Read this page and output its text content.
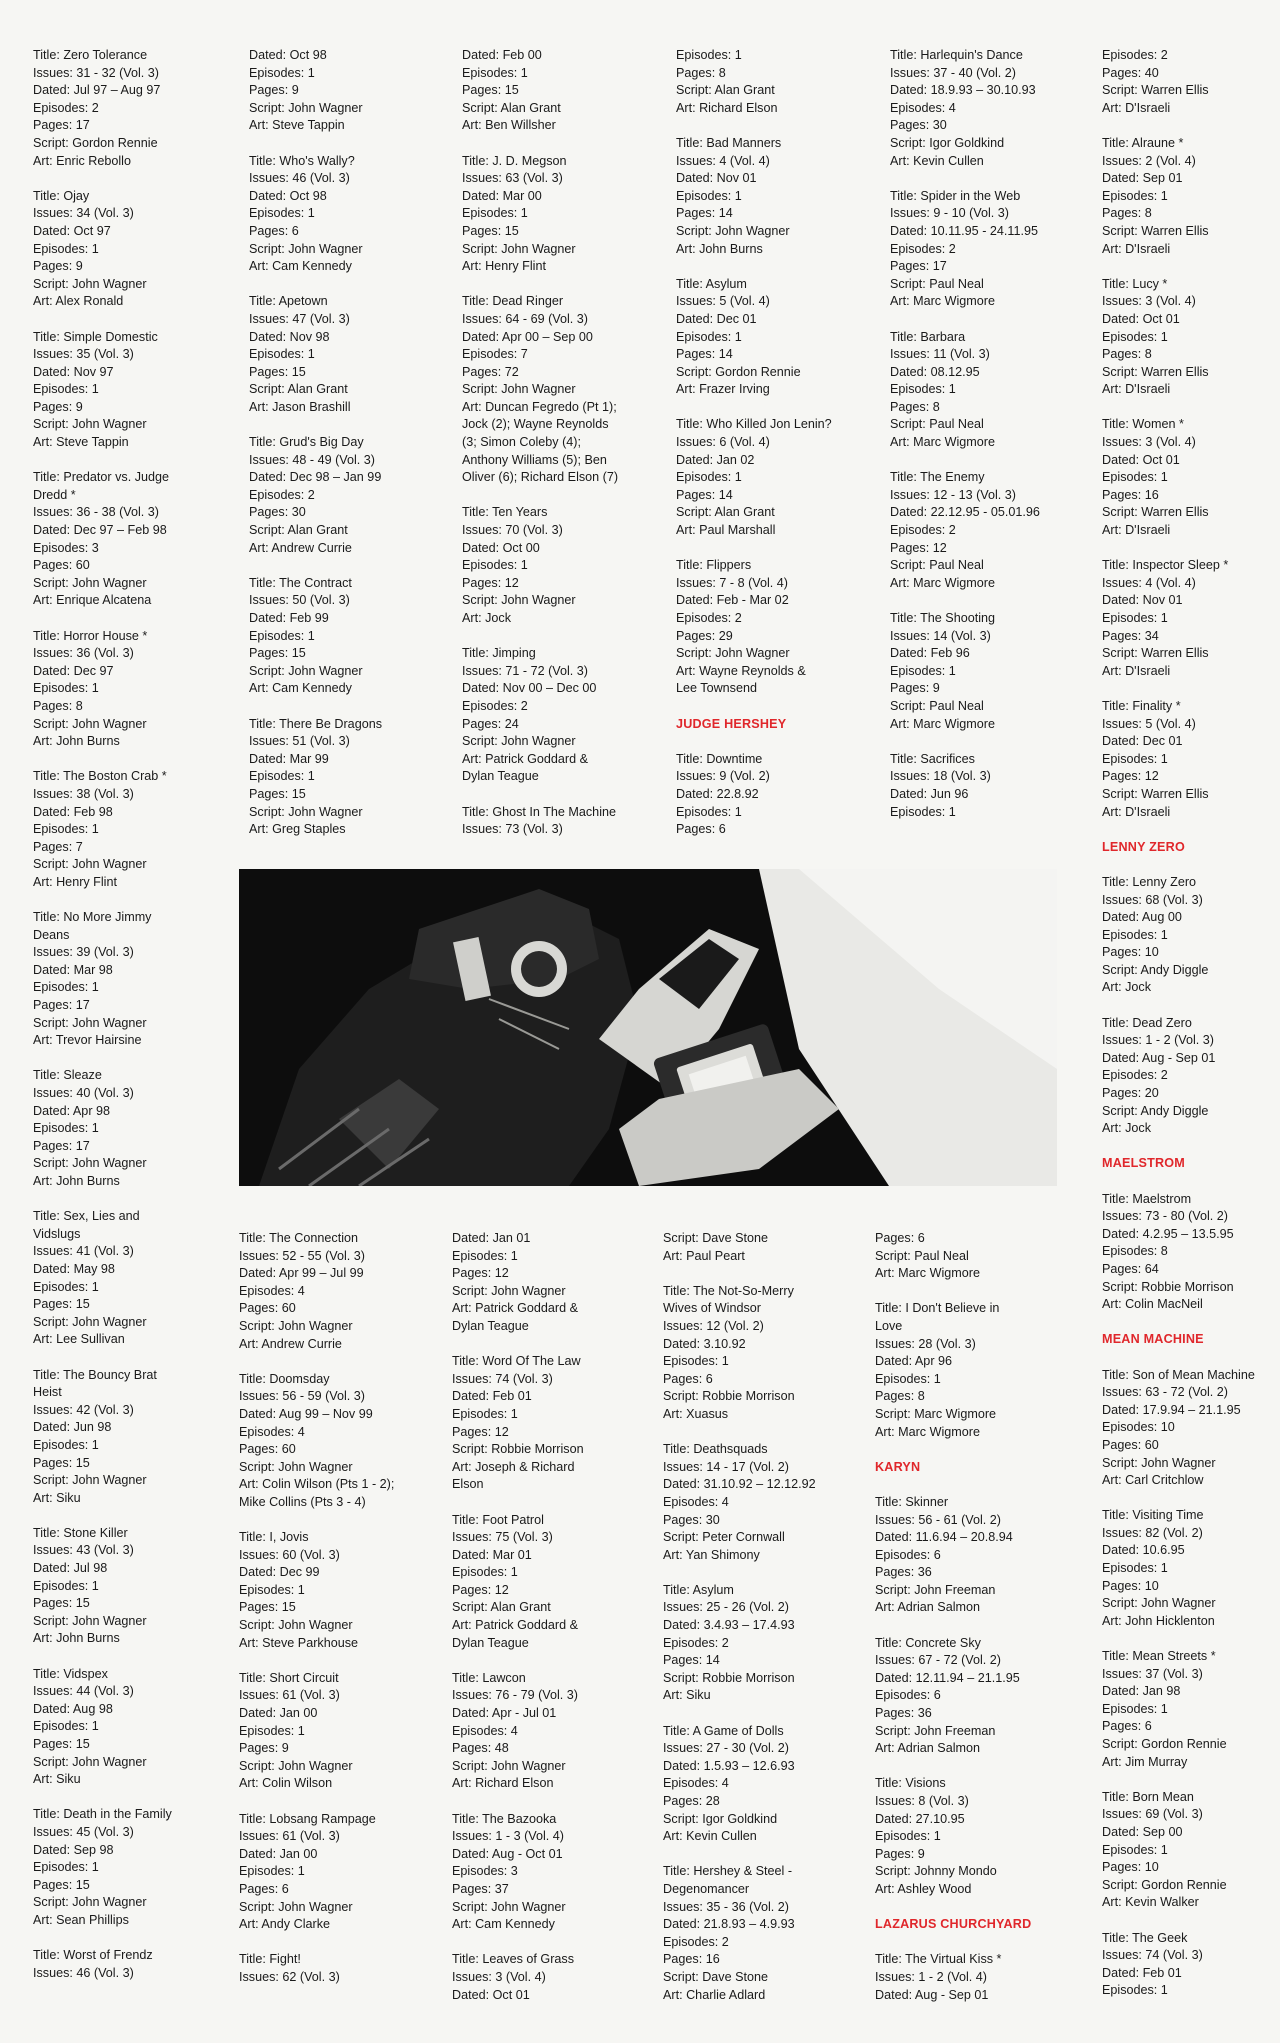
Title: Zero Tolerance
Issues: 31 - 32 (Vol. 3)
Dated: Jul 97 – Aug 97
Episodes: 2
Pages: 17
Script: Gordon Rennie
Art: Enric Rebollo
Title: Ojay
Issues: 34 (Vol. 3)
Dated: Oct 97
Episodes: 1
Pages: 9
Script: John Wagner
Art: Alex Ronald
Title: Simple Domestic
Issues: 35 (Vol. 3)
Dated: Nov 97
Episodes: 1
Pages: 9
Script: John Wagner
Art: Steve Tappin
Title: Predator vs. Judge
Dredd *
Issues: 36 - 38 (Vol. 3)
Dated: Dec 97 – Feb 98
Episodes: 3
Pages: 60
Script: John Wagner
Art: Enrique Alcatena
Title: Horror House *
Issues: 36 (Vol. 3)
Dated: Dec 97
Episodes: 1
Pages: 8
Script: John Wagner
Art: John Burns
Title: The Boston Crab *
Issues: 38 (Vol. 3)
Dated: Feb 98
Episodes: 1
Pages: 7
Script: John Wagner
Art: Henry Flint
Title: No More Jimmy
Deans
Issues: 39 (Vol. 3)
Dated: Mar 98
Episodes: 1
Pages: 17
Script: John Wagner
Art: Trevor Hairsine
Title: Sleaze
Issues: 40 (Vol. 3)
Dated: Apr 98
Episodes: 1
Pages: 17
Script: John Wagner
Art: John Burns
Title: Sex, Lies and
Vidslugs
Issues: 41 (Vol. 3)
Dated: May 98
Episodes: 1
Pages: 15
Script: John Wagner
Art: Lee Sullivan
Title: The Bouncy Brat
Heist
Issues: 42 (Vol. 3)
Dated: Jun 98
Episodes: 1
Pages: 15
Script: John Wagner
Art: Siku
Title: Stone Killer
Issues: 43 (Vol. 3)
Dated: Jul 98
Episodes: 1
Pages: 15
Script: John Wagner
Art: John Burns
Title: Vidspex
Issues: 44 (Vol. 3)
Dated: Aug 98
Episodes: 1
Pages: 15
Script: John Wagner
Art: Siku
Title: Death in the Family
Issues: 45 (Vol. 3)
Dated: Sep 98
Episodes: 1
Pages: 15
Script: John Wagner
Art: Sean Phillips
Title: Worst of Frendz
Issues: 46 (Vol. 3)
Dated: Oct 98
Episodes: 1
Pages: 9
Script: John Wagner
Art: Steve Tappin
Title: Who's Wally?
Issues: 46 (Vol. 3)
Dated: Oct 98
Episodes: 1
Pages: 6
Script: John Wagner
Art: Cam Kennedy
Title: Apetown
Issues: 47 (Vol. 3)
Dated: Nov 98
Episodes: 1
Pages: 15
Script: Alan Grant
Art: Jason Brashill
Title: Grud's Big Day
Issues: 48 - 49 (Vol. 3)
Dated: Dec 98 – Jan 99
Episodes: 2
Pages: 30
Script: Alan Grant
Art: Andrew Currie
Title: The Contract
Issues: 50 (Vol. 3)
Dated: Feb 99
Episodes: 1
Pages: 15
Script: John Wagner
Art: Cam Kennedy
Title: There Be Dragons
Issues: 51 (Vol. 3)
Dated: Mar 99
Episodes: 1
Pages: 15
Script: John Wagner
Art: Greg Staples
Dated: Feb 00
Episodes: 1
Pages: 15
Script: Alan Grant
Art: Ben Willsher
Title: J. D. Megson
Issues: 63 (Vol. 3)
Dated: Mar 00
Episodes: 1
Pages: 15
Script: John Wagner
Art: Henry Flint
Title: Dead Ringer
Issues: 64 - 69 (Vol. 3)
Dated: Apr 00 – Sep 00
Episodes: 7
Pages: 72
Script: John Wagner
Art: Duncan Fegredo (Pt 1);
Jock (2); Wayne Reynolds
(3; Simon Coleby (4);
Anthony Williams (5); Ben
Oliver (6); Richard Elson (7)
Title: Ten Years
Issues: 70 (Vol. 3)
Dated: Oct 00
Episodes: 1
Pages: 12
Script: John Wagner
Art: Jock
Title: Jimping
Issues: 71 - 72 (Vol. 3)
Dated: Nov 00 – Dec 00
Episodes: 2
Pages: 24
Script: John Wagner
Art: Patrick Goddard &
Dylan Teague
Title: Ghost In The Machine
Issues: 73 (Vol. 3)
Episodes: 1
Pages: 8
Script: Alan Grant
Art: Richard Elson
Title: Bad Manners
Issues: 4 (Vol. 4)
Dated: Nov 01
Episodes: 1
Pages: 14
Script: John Wagner
Art: John Burns
Title: Asylum
Issues: 5 (Vol. 4)
Dated: Dec 01
Episodes: 1
Pages: 14
Script: Gordon Rennie
Art: Frazer Irving
Title: Who Killed Jon Lenin?
Issues: 6 (Vol. 4)
Dated: Jan 02
Episodes: 1
Pages: 14
Script: Alan Grant
Art: Paul Marshall
Title: Flippers
Issues: 7 - 8 (Vol. 4)
Dated: Feb - Mar 02
Episodes: 2
Pages: 29
Script: John Wagner
Art: Wayne Reynolds &
Lee Townsend
JUDGE HERSHEY
Title: Downtime
Issues: 9 (Vol. 2)
Dated: 22.8.92
Episodes: 1
Pages: 6
Title: Harlequin's Dance
Issues: 37 - 40 (Vol. 2)
Dated: 18.9.93 – 30.10.93
Episodes: 4
Pages: 30
Script: Igor Goldkind
Art: Kevin Cullen
Title: Spider in the Web
Issues: 9 - 10 (Vol. 3)
Dated: 10.11.95 - 24.11.95
Episodes: 2
Pages: 17
Script: Paul Neal
Art: Marc Wigmore
Title: Barbara
Issues: 11 (Vol. 3)
Dated: 08.12.95
Episodes: 1
Pages: 8
Script: Paul Neal
Art: Marc Wigmore
Title: The Enemy
Issues: 12 - 13 (Vol. 3)
Dated: 22.12.95 - 05.01.96
Episodes: 2
Pages: 12
Script: Paul Neal
Art: Marc Wigmore
Title: The Shooting
Issues: 14 (Vol. 3)
Dated: Feb 96
Episodes: 1
Pages: 9
Script: Paul Neal
Art: Marc Wigmore
Title: Sacrifices
Issues: 18 (Vol. 3)
Dated: Jun 96
Episodes: 1
Episodes: 2
Pages: 40
Script: Warren Ellis
Art: D'Israeli
Title: Alraune *
Issues: 2 (Vol. 4)
Dated: Sep 01
Episodes: 1
Pages: 8
Script: Warren Ellis
Art: D'Israeli
Title: Lucy *
Issues: 3 (Vol. 4)
Dated: Oct 01
Episodes: 1
Pages: 8
Script: Warren Ellis
Art: D'Israeli
Title: Women *
Issues: 3 (Vol. 4)
Dated: Oct 01
Episodes: 1
Pages: 16
Script: Warren Ellis
Art: D'Israeli
Title: Inspector Sleep *
Issues: 4 (Vol. 4)
Dated: Nov 01
Episodes: 1
Pages: 34
Script: Warren Ellis
Art: D'Israeli
Title: Finality *
Issues: 5 (Vol. 4)
Dated: Dec 01
Episodes: 1
Pages: 12
Script: Warren Ellis
Art: D'Israeli
LENNY ZERO
Title: Lenny Zero
Issues: 68 (Vol. 3)
Dated: Aug 00
Episodes: 1
Pages: 10
Script: Andy Diggle
Art: Jock
Title: Dead Zero
Issues: 1 - 2 (Vol. 3)
Dated: Aug - Sep 01
Episodes: 2
Pages: 20
Script: Andy Diggle
Art: Jock
MAELSTROM
Title: Maelstrom
Issues: 73 - 80 (Vol. 2)
Dated: 4.2.95 – 13.5.95
Episodes: 8
Pages: 64
Script: Robbie Morrison
Art: Colin MacNeil
MEAN MACHINE
Title: Son of Mean Machine
Issues: 63 - 72 (Vol. 2)
Dated: 17.9.94 – 21.1.95
Episodes: 10
Pages: 60
Script: John Wagner
Art: Carl Critchlow
Title: Visiting Time
Issues: 82 (Vol. 2)
Dated: 10.6.95
Episodes: 1
Pages: 10
Script: John Wagner
Art: John Hicklenton
Title: Mean Streets *
Issues: 37 (Vol. 3)
Dated: Jan 98
Episodes: 1
Pages: 6
Script: Gordon Rennie
Art: Jim Murray
Title: Born Mean
Issues: 69 (Vol. 3)
Dated: Sep 00
Episodes: 1
Pages: 10
Script: Gordon Rennie
Art: Kevin Walker
Title: The Geek
Issues: 74 (Vol. 3)
Dated: Feb 01
Episodes: 1
Title: The Connection
Issues: 52 - 55 (Vol. 3)
Dated: Apr 99 – Jul 99
Episodes: 4
Pages: 60
Script: John Wagner
Art: Andrew Currie
Title: Doomsday
Issues: 56 - 59 (Vol. 3)
Dated: Aug 99 – Nov 99
Episodes: 4
Pages: 60
Script: John Wagner
Art: Colin Wilson (Pts 1 - 2);
Mike Collins (Pts 3 - 4)
Title: I, Jovis
Issues: 60 (Vol. 3)
Dated: Dec 99
Episodes: 1
Pages: 15
Script: John Wagner
Art: Steve Parkhouse
Title: Short Circuit
Issues: 61 (Vol. 3)
Dated: Jan 00
Episodes: 1
Pages: 9
Script: John Wagner
Art: Colin Wilson
Title: Lobsang Rampage
Issues: 61 (Vol. 3)
Dated: Jan 00
Episodes: 1
Pages: 6
Script: John Wagner
Art: Andy Clarke
Title: Fight!
Issues: 62 (Vol. 3)
Dated: Jan 01
Episodes: 1
Pages: 12
Script: John Wagner
Art: Patrick Goddard &
Dylan Teague
Title: Word Of The Law
Issues: 74 (Vol. 3)
Dated: Feb 01
Episodes: 1
Pages: 12
Script: Robbie Morrison
Art: Joseph & Richard
Elson
Title: Foot Patrol
Issues: 75 (Vol. 3)
Dated: Mar 01
Episodes: 1
Pages: 12
Script: Alan Grant
Art: Patrick Goddard &
Dylan Teague
Title: Lawcon
Issues: 76 - 79 (Vol. 3)
Dated: Apr - Jul 01
Episodes: 4
Pages: 48
Script: John Wagner
Art: Richard Elson
Title: The Bazooka
Issues: 1 - 3 (Vol. 4)
Dated: Aug - Oct 01
Episodes: 3
Pages: 37
Script: John Wagner
Art: Cam Kennedy
Title: Leaves of Grass
Issues: 3 (Vol. 4)
Dated: Oct 01
Script: Dave Stone
Art: Paul Peart
Title: The Not-So-Merry
Wives of Windsor
Issues: 12 (Vol. 2)
Dated: 3.10.92
Episodes: 1
Pages: 6
Script: Robbie Morrison
Art: Xuasus
Title: Deathsquads
Issues: 14 - 17 (Vol. 2)
Dated: 31.10.92 – 12.12.92
Episodes: 4
Pages: 30
Script: Peter Cornwall
Art: Yan Shimony
Title: Asylum
Issues: 25 - 26 (Vol. 2)
Dated: 3.4.93 – 17.4.93
Episodes: 2
Pages: 14
Script: Robbie Morrison
Art: Siku
Title: A Game of Dolls
Issues: 27 - 30 (Vol. 2)
Dated: 1.5.93 – 12.6.93
Episodes: 4
Pages: 28
Script: Igor Goldkind
Art: Kevin Cullen
Title: Hershey & Steel -
Degenomancer
Issues: 35 - 36 (Vol. 2)
Dated: 21.8.93 – 4.9.93
Episodes: 2
Pages: 16
Script: Dave Stone
Art: Charlie Adlard
Pages: 6
Script: Paul Neal
Art: Marc Wigmore
Title: I Don't Believe in
Love
Issues: 28 (Vol. 3)
Dated: Apr 96
Episodes: 1
Pages: 8
Script: Marc Wigmore
Art: Marc Wigmore
KARYN
Title: Skinner
Issues: 56 - 61 (Vol. 2)
Dated: 11.6.94 – 20.8.94
Episodes: 6
Pages: 36
Script: John Freeman
Art: Adrian Salmon
Title: Concrete Sky
Issues: 67 - 72 (Vol. 2)
Dated: 12.11.94 – 21.1.95
Episodes: 6
Pages: 36
Script: John Freeman
Art: Adrian Salmon
Title: Visions
Issues: 8 (Vol. 3)
Dated: 27.10.95
Episodes: 1
Pages: 9
Script: Johnny Mondo
Art: Ashley Wood
LAZARUS CHURCHYARD
Title: The Virtual Kiss *
Issues: 1 - 2 (Vol. 4)
Dated: Aug - Sep 01
